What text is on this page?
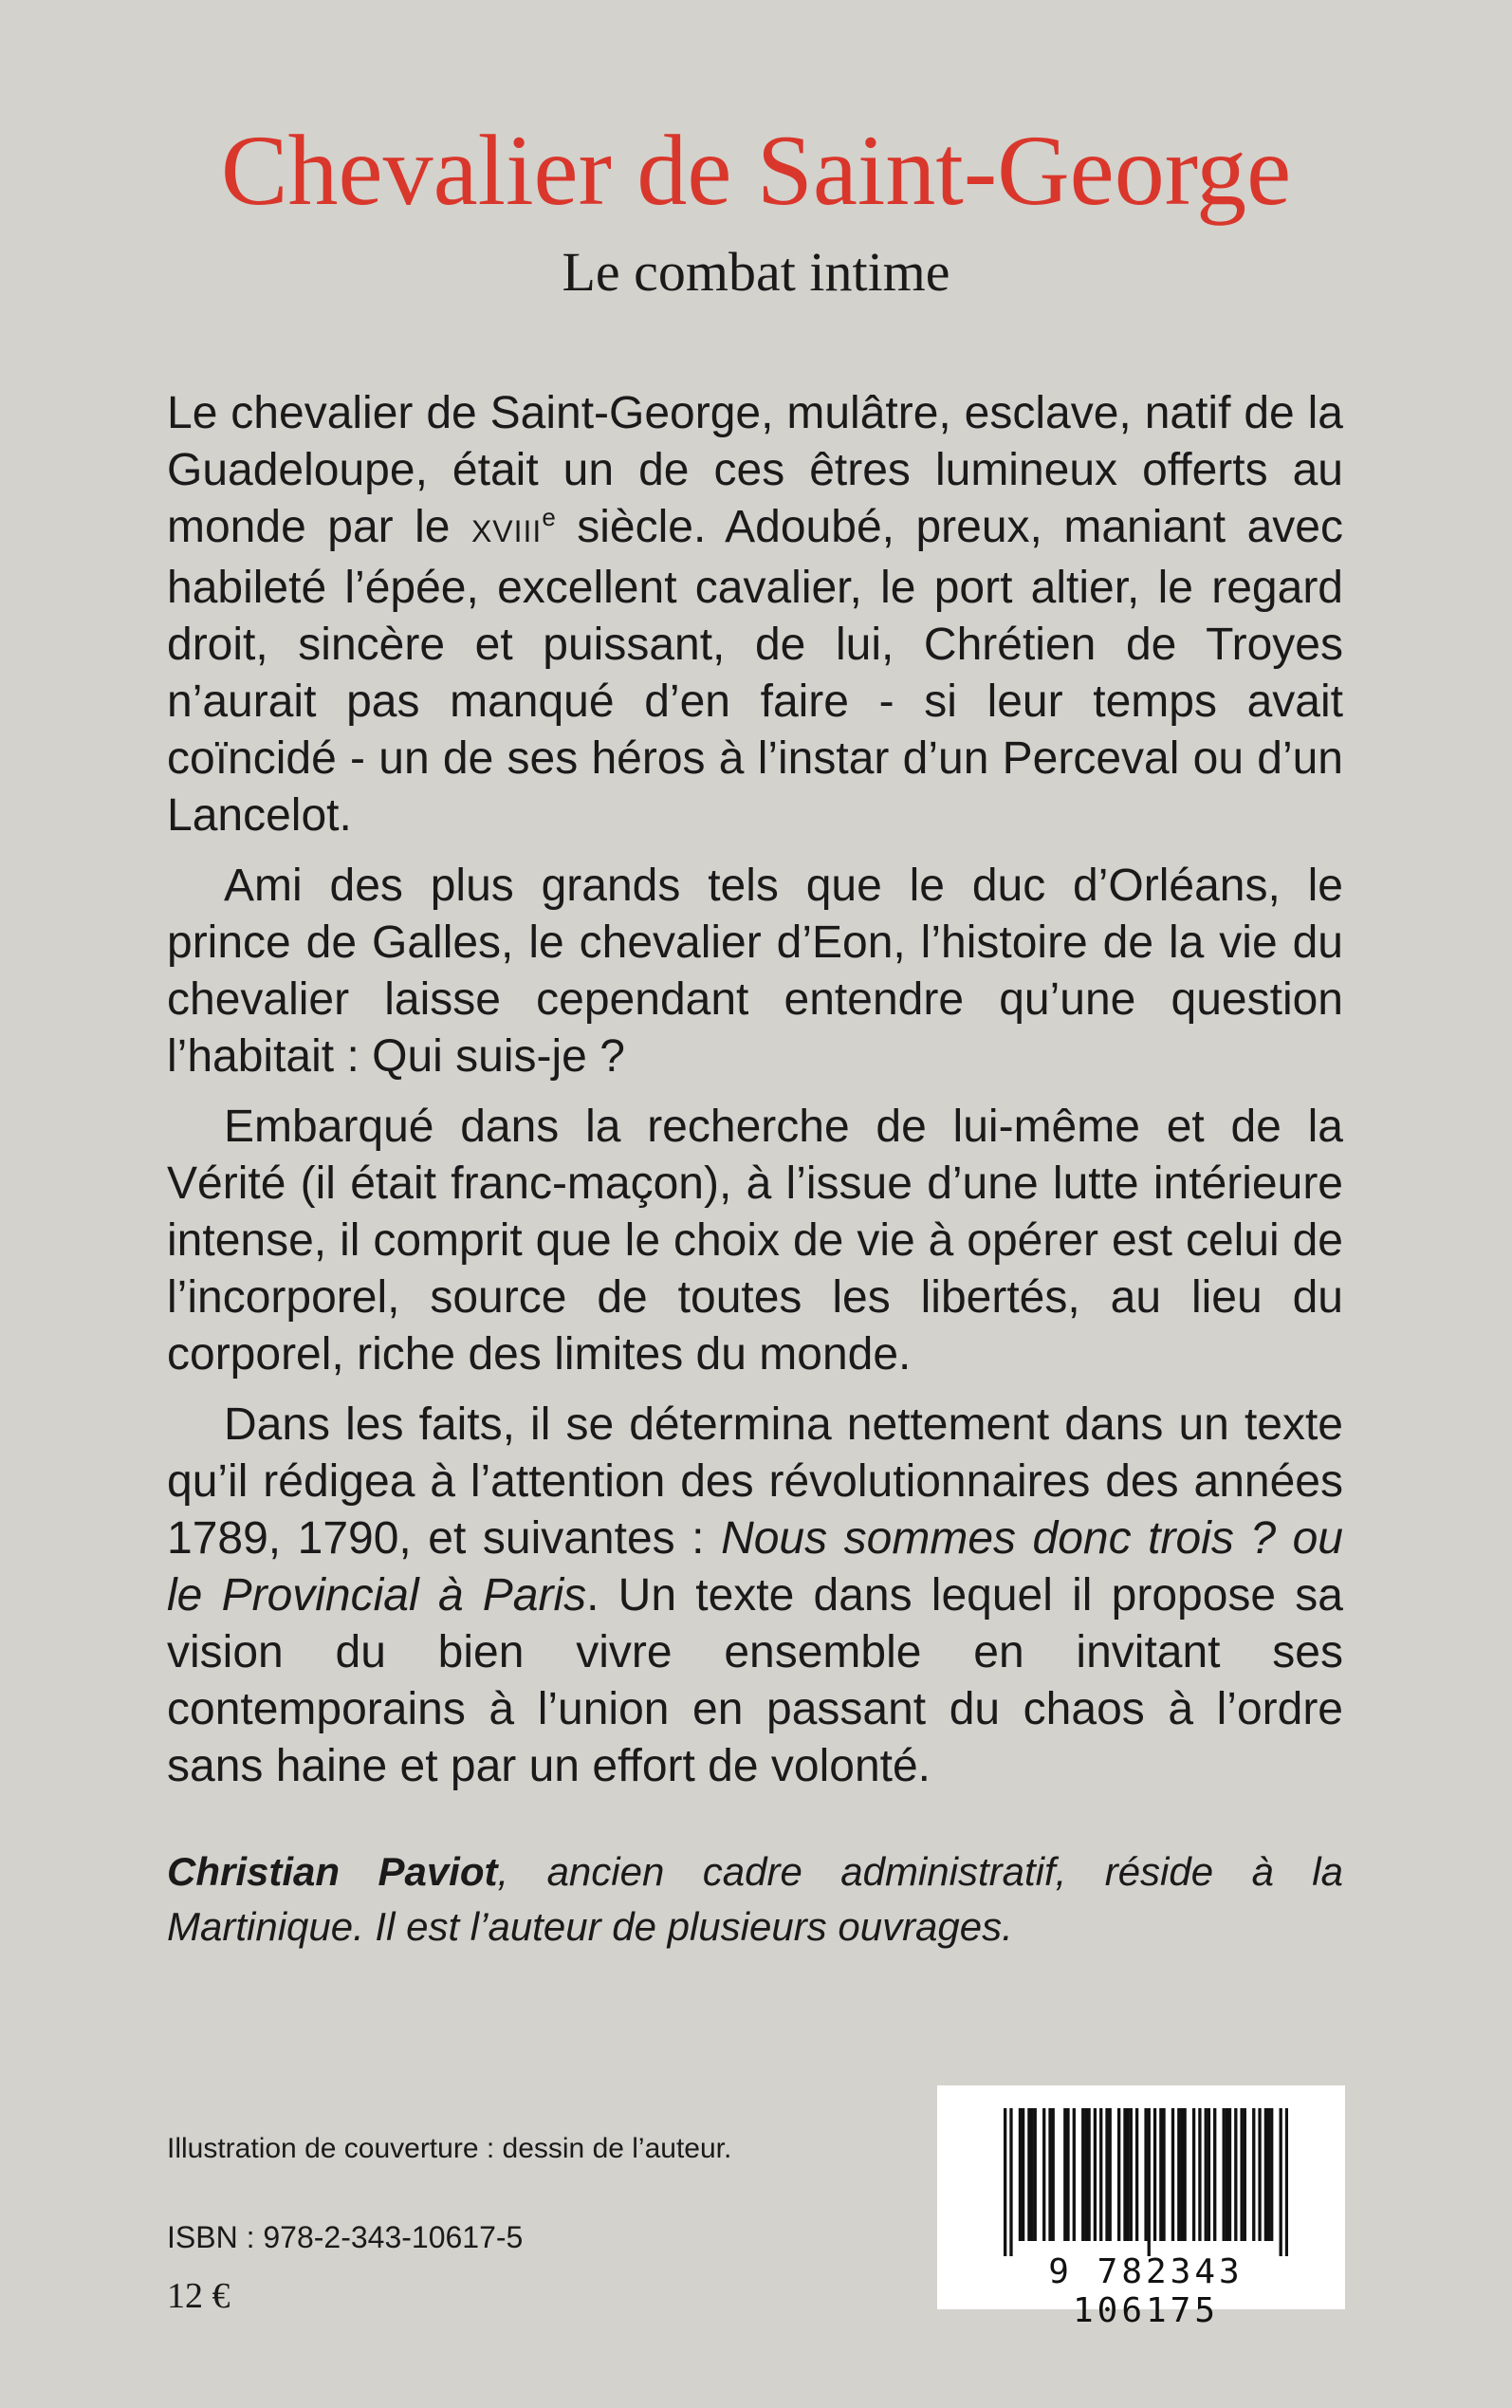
Chevalier de Saint-George
Le combat intime

Le chevalier de Saint-George, mulâtre, esclave, natif de la Guadeloupe, était un de ces êtres lumineux offerts au monde par le XVIIIe siècle. Adoubé, preux, maniant avec habileté l’épée, excellent cavalier, le port altier, le regard droit, sincère et puissant, de lui, Chrétien de Troyes n’aurait pas manqué d’en faire - si leur temps avait coïncidé - un de ses héros à l’instar d’un Perceval ou d’un Lancelot.

Ami des plus grands tels que le duc d’Orléans, le prince de Galles, le chevalier d’Eon, l’histoire de la vie du chevalier laisse cependant entendre qu’une question l’habitait : Qui suis-je ?

Embarqué dans la recherche de lui-même et de la Vérité (il était franc-maçon), à l’issue d’une lutte intérieure intense, il comprit que le choix de vie à opérer est celui de l’incorporel, source de toutes les libertés, au lieu du corporel, riche des limites du monde.

Dans les faits, il se détermina nettement dans un texte qu’il rédigea à l’attention des révolutionnaires des années 1789, 1790, et suivantes : Nous sommes donc trois ? ou le Provincial à Paris. Un texte dans lequel il propose sa vision du bien vivre ensemble en invitant ses contemporains à l’union en passant du chaos à l’ordre sans haine et par un effort de volonté.

Christian Paviot, ancien cadre administratif, réside à la Martinique. Il est l’auteur de plusieurs ouvrages.

Illustration de couverture : dessin de l’auteur.
ISBN : 978-2-343-10617-5
12 €
9 782343 106175
